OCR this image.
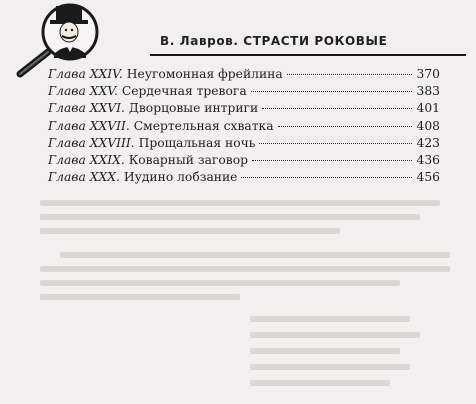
В. Лавров. СТРАСТИ РОКОВЫЕ
Глава XXIV. Неугомонная фрейлина	370
Глава XXV. Сердечная тревога	383
Глава XXVI. Дворцовые интриги	401
Глава XXVII. Смертельная схватка	408
Глава XXVIII. Прощальная ночь	423
Глава XXIX. Коварный заговор	436
Глава XXX. Иудино лобзание	456
